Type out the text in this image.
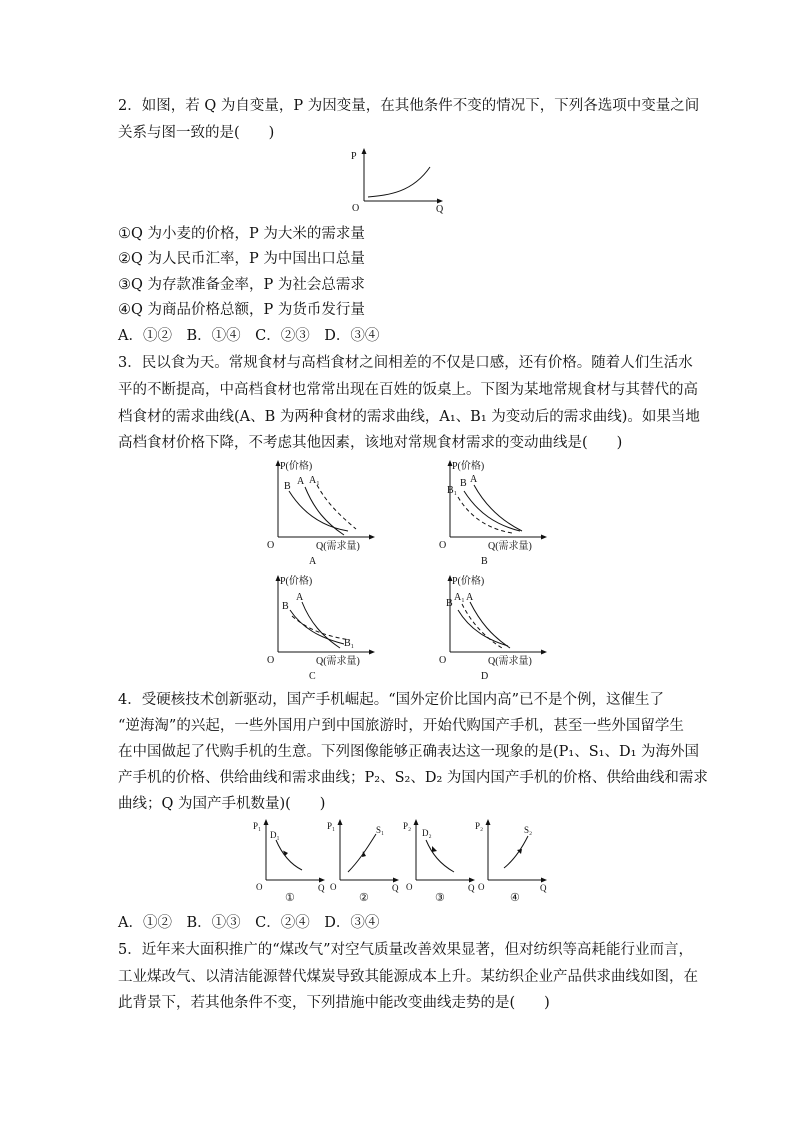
2．如图，若 Q 为自变量，P 为因变量，在其他条件不变的情况下，下列各选项中变量之间
关系与图一致的是(　　)
P
O	Q
①Q 为小麦的价格，P 为大米的需求量
②Q 为人民币汇率，P 为中国出口总量
③Q 为存款准备金率，P 为社会总需求
④Q 为商品价格总额，P 为货币发行量
A．①②　B．①④　C．②③　D．③④
3．民以食为天。常规食材与高档食材之间相差的不仅是口感，还有价格。随着人们生活水
平的不断提高，中高档食材也常常出现在百姓的饭桌上。下图为某地常规食材与其替代的高
档食材的需求曲线(A、B 为两种食材的需求曲线，A₁、B₁ 为变动后的需求曲线)。如果当地
高档食材价格下降，不考虑其他因素，该地对常规食材需求的变动曲线是(　　)
P(价格)
O	Q(需求量)
A
B A A₁
P(价格)
O	Q(需求量)
B
B₁
B A
P(价格)
O	Q(需求量)
C
B
A
B₁
P(价格)
O	Q(需求量)
D
B
A₁ A
4．受硬核技术创新驱动，国产手机崛起。“国外定价比国内高”已不是个例，这催生了
“逆海淘”的兴起，一些外国用户到中国旅游时，开始代购国产手机，甚至一些外国留学生
在中国做起了代购手机的生意。下列图像能够正确表达这一现象的是(P₁、S₁、D₁ 为海外国
产手机的价格、供给曲线和需求曲线；P₂、S₂、D₂ 为国内国产手机的价格、供给曲线和需求
曲线；Q 为国产手机数量)(　　)
P₁
D₁
O	Q
①
P₁	S₁
O	Q
②
P₂
D₂
O	Q
③
P₂	S₂
O	Q
④
A．①②　B．①③　C．②④　D．③④
5．近年来大面积推广的“煤改气”对空气质量改善效果显著，但对纺织等高耗能行业而言，
工业煤改气、以清洁能源替代煤炭导致其能源成本上升。某纺织企业产品供求曲线如图，在
此背景下，若其他条件不变，下列措施中能改变曲线走势的是(　　)
